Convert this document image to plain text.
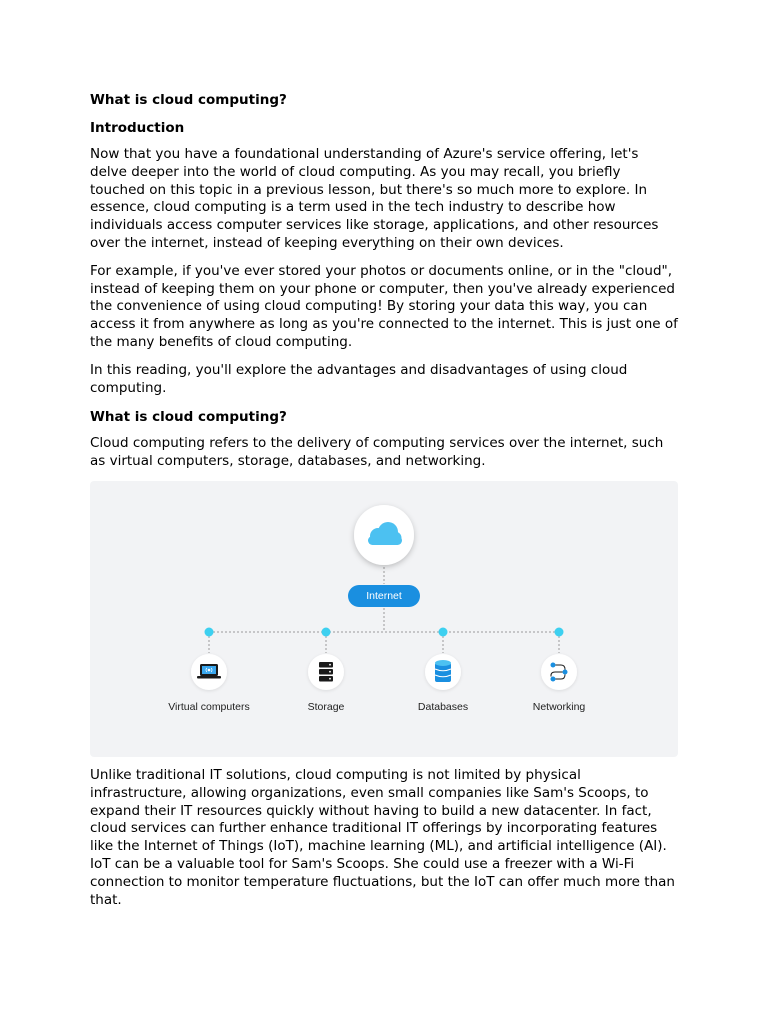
What is cloud computing?
Introduction

Now that you have a foundational understanding of Azure's service offering, let's delve deeper into the world of cloud computing. As you may recall, you briefly touched on this topic in a previous lesson, but there's so much more to explore. In essence, cloud computing is a term used in the tech industry to describe how individuals access computer services like storage, applications, and other resources over the internet, instead of keeping everything on their own devices.

For example, if you've ever stored your photos or documents online, or in the "cloud", instead of keeping them on your phone or computer, then you've already experienced the convenience of using cloud computing! By storing your data this way, you can access it from anywhere as long as you're connected to the internet. This is just one of the many benefits of cloud computing.

In this reading, you'll explore the advantages and disadvantages of using cloud computing.

What is cloud computing?

Cloud computing refers to the delivery of computing services over the internet, such as virtual computers, storage, databases, and networking.

Internet
Virtual computers	Storage	Databases	Networking

Unlike traditional IT solutions, cloud computing is not limited by physical infrastructure, allowing organizations, even small companies like Sam's Scoops, to expand their IT resources quickly without having to build a new datacenter. In fact, cloud services can further enhance traditional IT offerings by incorporating features like the Internet of Things (IoT), machine learning (ML), and artificial intelligence (AI). IoT can be a valuable tool for Sam's Scoops. She could use a freezer with a Wi-Fi connection to monitor temperature fluctuations, but the IoT can offer much more than that.
